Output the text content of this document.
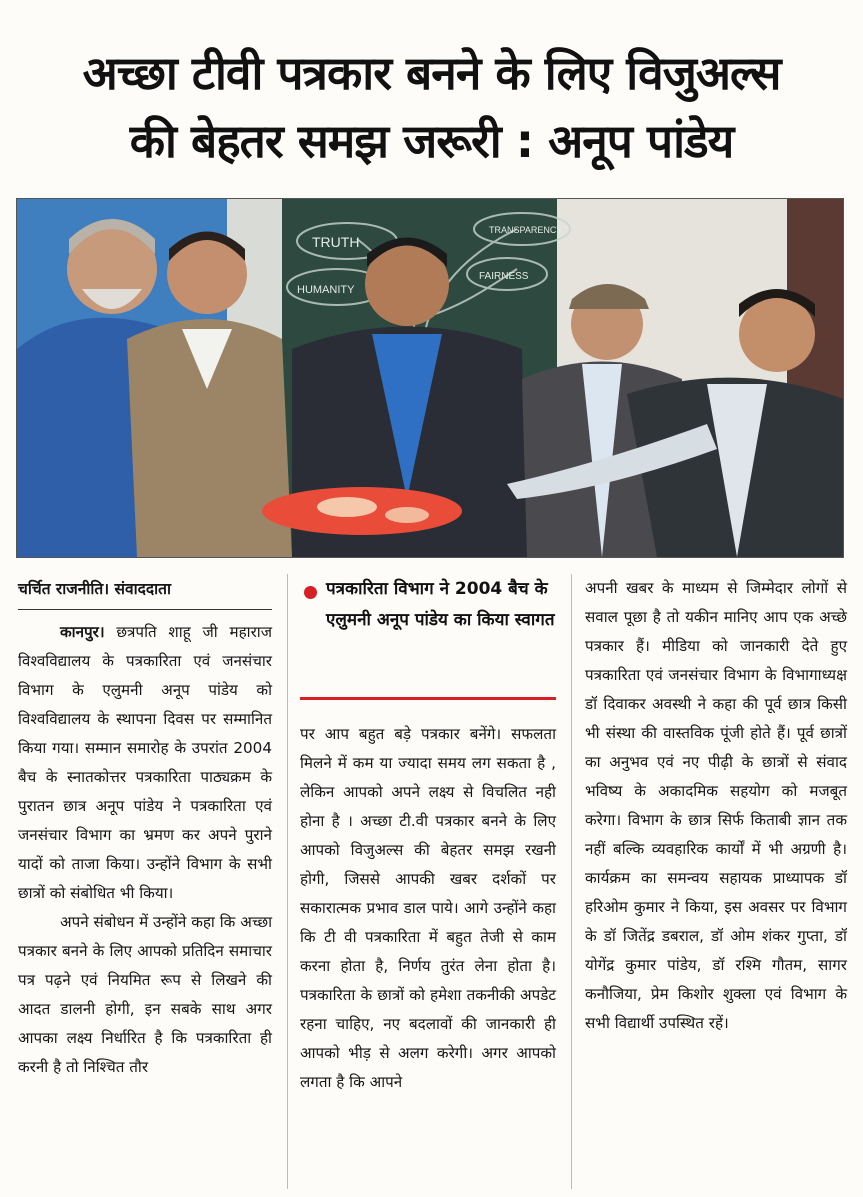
अच्छा टीवी पत्रकार बनने के लिए विजुअल्स
की बेहतर समझ जरूरी : अनूप पांडेय
TRUTH
HUMANITY
TRANSPARENCY
FAIRNESS
चर्चित राजनीति। संवाददाता

कानपुर। छत्रपति शाहू जी महाराज विश्वविद्यालय के पत्रकारिता एवं जनसंचार विभाग के एलुमनी अनूप पांडेय को विश्वविद्यालय के स्थापना दिवस पर सम्मानित किया गया। सम्मान समारोह के उपरांत 2004 बैच के स्नातकोत्तर पत्रकारिता पाठ्यक्रम के पुरातन छात्र अनूप पांडेय ने पत्रकारिता एवं जनसंचार विभाग का भ्रमण कर अपने पुराने यादों को ताजा किया। उन्होंने विभाग के सभी छात्रों को संबोधित भी किया।

अपने संबोधन में उन्होंने कहा कि अच्छा पत्रकार बनने के लिए आपको प्रतिदिन समाचार पत्र पढ़ने एवं नियमित रूप से लिखने की आदत डालनी होगी, इन सबके साथ अगर आपका लक्ष्य निर्धारित है कि पत्रकारिता ही करनी है तो निश्चित तौर

पत्रकारिता विभाग ने 2004 बैच के एलुमनी अनूप पांडेय का किया स्वागत

पर आप बहुत बड़े पत्रकार बनेंगे। सफलता मिलने में कम या ज्यादा समय लग सकता है , लेकिन आपको अपने लक्ष्य से विचलित नही होना है । अच्छा टी.वी पत्रकार बनने के लिए आपको विजुअल्स की बेहतर समझ रखनी होगी, जिससे आपकी खबर दर्शकों पर सकारात्मक प्रभाव डाल पाये। आगे उन्होंने कहा कि टी वी पत्रकारिता में बहुत तेजी से काम करना होता है, निर्णय तुरंत लेना होता है। पत्रकारिता के छात्रों को हमेशा तकनीकी अपडेट रहना चाहिए, नए बदलावों की जानकारी ही आपको भीड़ से अलग करेगी। अगर आपको लगता है कि आपने

अपनी खबर के माध्यम से जिम्मेदार लोगों से सवाल पूछा है तो यकीन मानिए आप एक अच्छे पत्रकार हैं। मीडिया को जानकारी देते हुए पत्रकारिता एवं जनसंचार विभाग के विभागाध्यक्ष डॉ दिवाकर अवस्थी ने कहा की पूर्व छात्र किसी भी संस्था की वास्तविक पूंजी होते हैं। पूर्व छात्रों का अनुभव एवं नए पीढ़ी के छात्रों से संवाद भविष्य के अकादमिक सहयोग को मजबूत करेगा। विभाग के छात्र सिर्फ किताबी ज्ञान तक नहीं बल्कि व्यवहारिक कार्यों में भी अग्रणी है। कार्यक्रम का समन्वय सहायक प्राध्यापक डॉ हरिओम कुमार ने किया, इस अवसर पर विभाग के डॉ जितेंद्र डबराल, डॉ ओम शंकर गुप्ता, डॉ योगेंद्र कुमार पांडेय, डॉ रश्मि गौतम, सागर कनौजिया, प्रेम किशोर शुक्ला एवं विभाग के सभी विद्यार्थी उपस्थित रहें।
